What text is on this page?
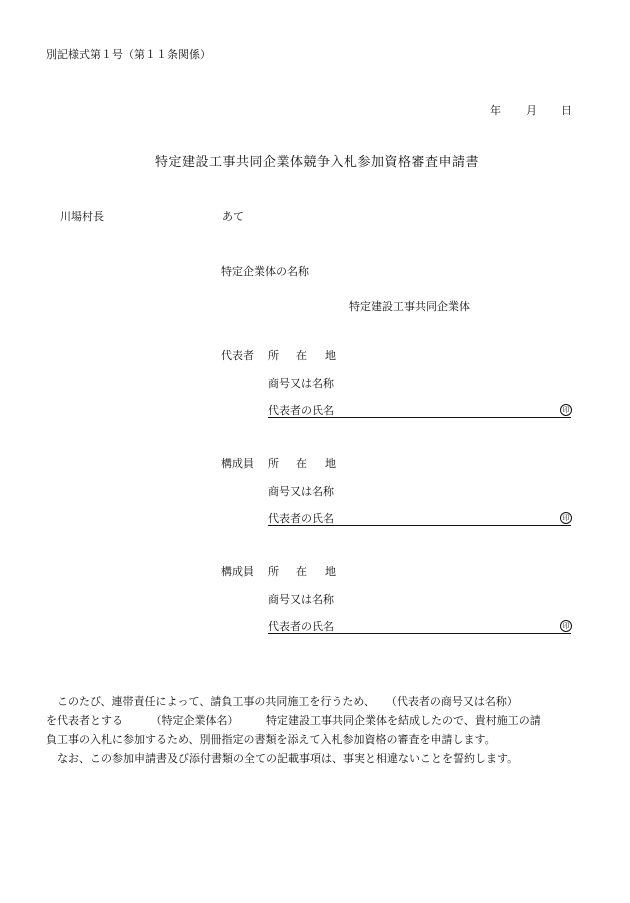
別記様式第１号（第１１条関係）
年 月 日
特定建設工事共同企業体競争入札参加資格審査申請書
川場村長	あて
特定企業体の名称
特定建設工事共同企業体
代表者 所 在 地
商号又は名称
代表者の氏名	印
構成員 所 在 地
商号又は名称
代表者の氏名	印
構成員 所 在 地
商号又は名称
代表者の氏名	印

　このたび、連帯責任によって、請負工事の共同施工を行うため、　　（代表者の商号又は名称）

を代表者とする　　　（特定企業体名）　　　特定建設工事共同企業体を結成したので、貴村施工の請

負工事の入札に参加するため、別冊指定の書類を添えて入札参加資格の審査を申請します。

　なお、この参加申請書及び添付書類の全ての記載事項は、事実と相違ないことを誓約します。
